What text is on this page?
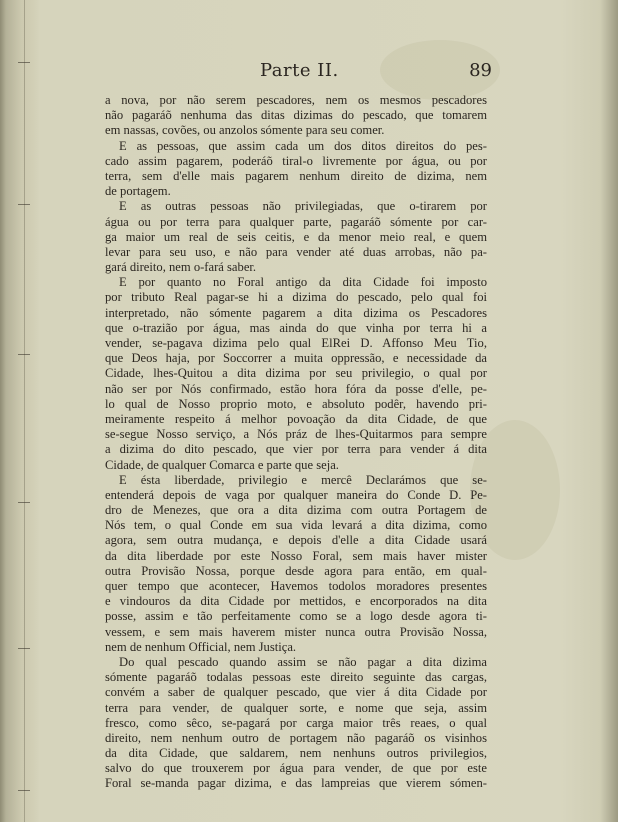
Parte II.	89
a nova, por não serem pescadores, nem os mesmos pescadores
não pagaráõ nenhuma das ditas dizimas do pescado, que tomarem
em nassas, covões, ou anzolos sómente para seu comer.
E as pessoas, que assim cada um dos ditos direitos do pes-
cado assim pagarem, poderáõ tiral-o livremente por água, ou por
terra, sem d'elle mais pagarem nenhum direito de dizima, nem
de portagem.
E as outras pessoas não privilegiadas, que o-tirarem por
água ou por terra para qualquer parte, pagaráõ sómente por car-
ga maior um real de seis ceitis, e da menor meio real, e quem
levar para seu uso, e não para vender até duas arrobas, não pa-
gará direito, nem o-fará saber.
E por quanto no Foral antigo da dita Cidade foi imposto
por tributo Real pagar-se hi a dizima do pescado, pelo qual foi
interpretado, não sómente pagarem a dita dizima os Pescadores
que o-trazião por água, mas ainda do que vinha por terra hi a
vender, se-pagava dizima pelo qual ElRei D. Affonso Meu Tio,
que Deos haja, por Soccorrer a muita oppressão, e necessidade da
Cidade, lhes-Quitou a dita dizima por seu privilegio, o qual por
não ser por Nós confirmado, estão hora fóra da posse d'elle, pe-
lo qual de Nosso proprio moto, e absoluto podêr, havendo pri-
meiramente respeito á melhor povoação da dita Cidade, de que
se-segue Nosso serviço, a Nós práz de lhes-Quitarmos para sempre
a dizima do dito pescado, que vier por terra para vender á dita
Cidade, de qualquer Comarca e parte que seja.
E ésta liberdade, privilegio e mercê Declarámos que se-
entenderá depois de vaga por qualquer maneira do Conde D. Pe-
dro de Menezes, que ora a dita dizima com outra Portagem de
Nós tem, o qual Conde em sua vida levará a dita dizima, como
agora, sem outra mudança, e depois d'elle a dita Cidade usará
da dita liberdade por este Nosso Foral, sem mais haver mister
outra Provisão Nossa, porque desde agora para então, em qual-
quer tempo que acontecer, Havemos todolos moradores presentes
e vindouros da dita Cidade por mettidos, e encorporados na dita
posse, assim e tão perfeitamente como se a logo desde agora ti-
vessem, e sem mais haverem mister nunca outra Provisão Nossa,
nem de nenhum Official, nem Justiça.
Do qual pescado quando assim se não pagar a dita dizima
sómente pagaráõ todalas pessoas este direito seguinte das cargas,
convém a saber de qualquer pescado, que vier á dita Cidade por
terra para vender, de qualquer sorte, e nome que seja, assim
fresco, como sêco, se-pagará por carga maior três reaes, o qual
direito, nem nenhum outro de portagem não pagaráõ os visinhos
da dita Cidade, que saldarem, nem nenhuns outros privilegios,
salvo do que trouxerem por água para vender, de que por este
Foral se-manda pagar dizima, e das lampreias que vierem sómen-
